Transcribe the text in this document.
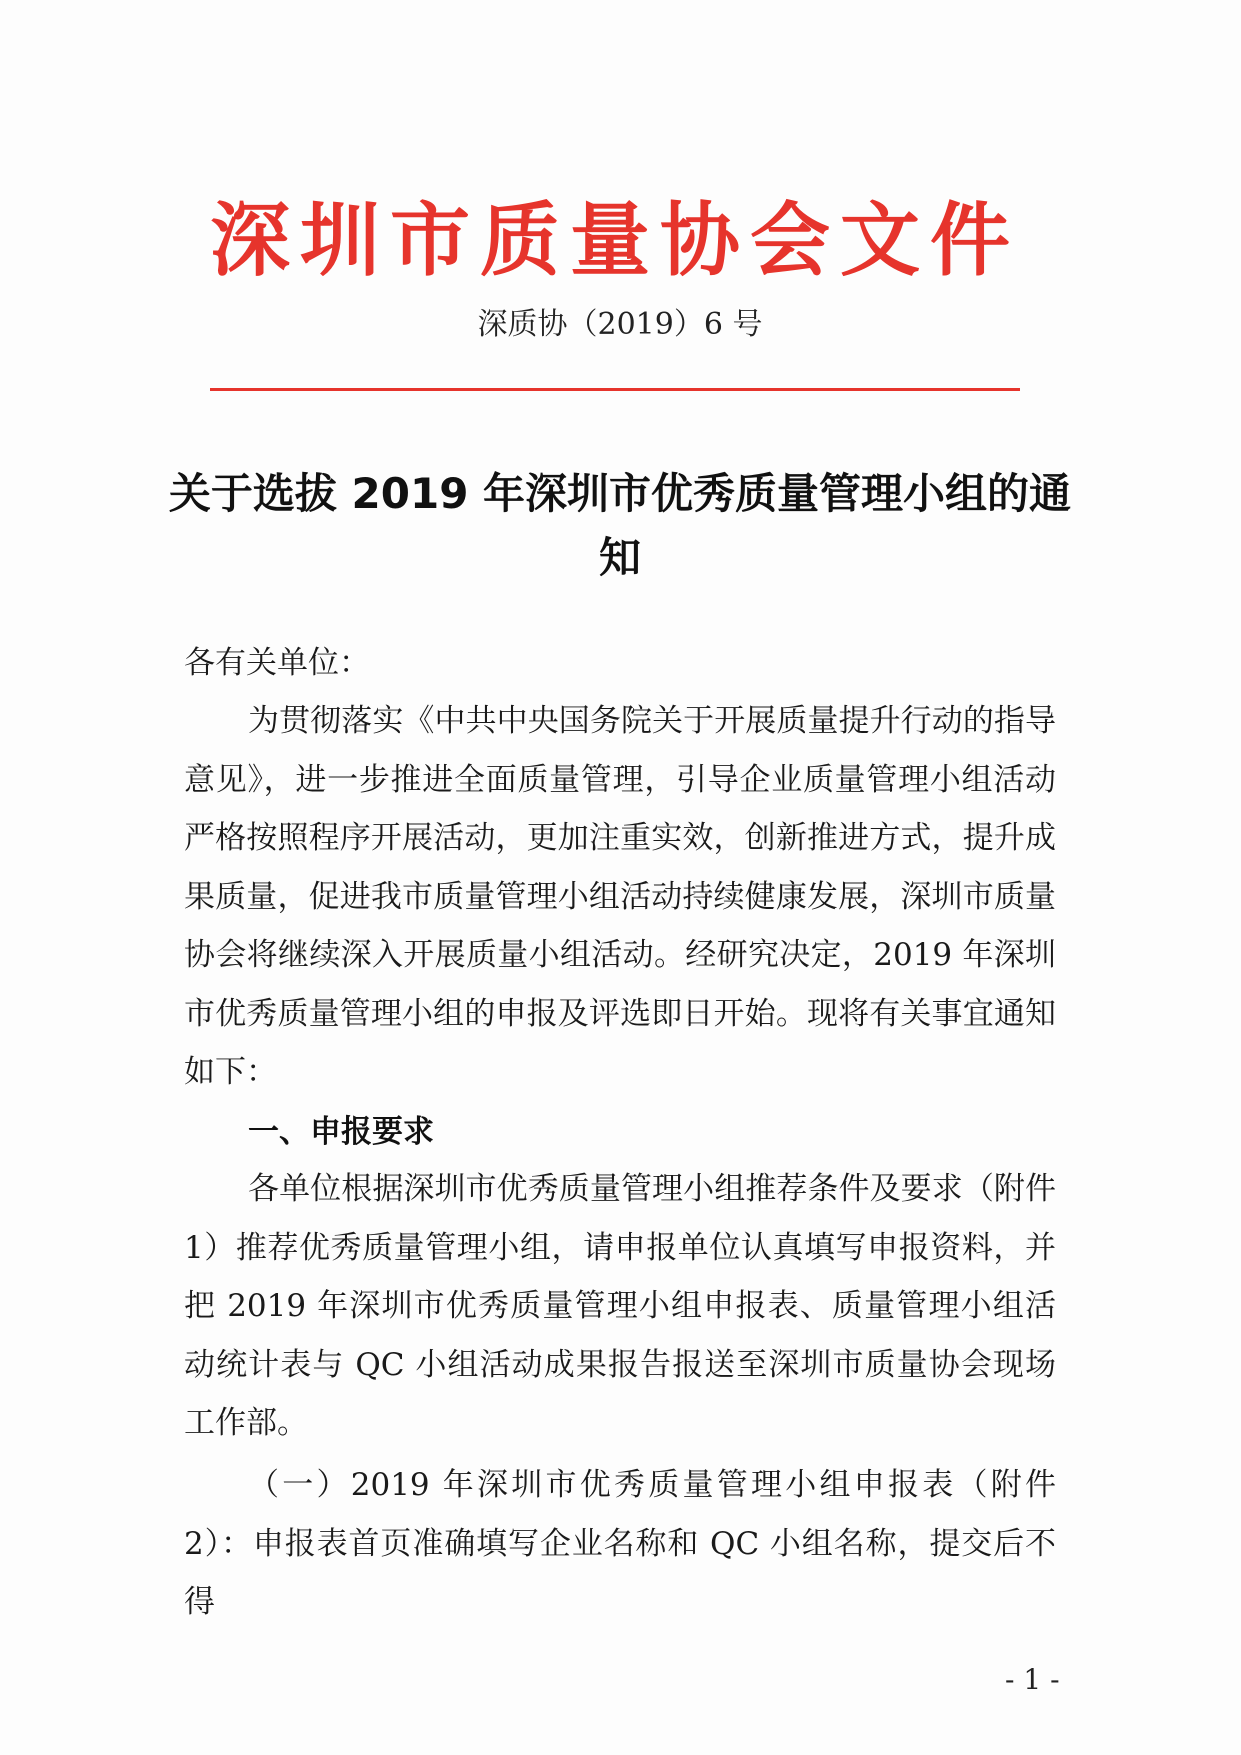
深圳市质量协会文件
深质协（2019）6 号
关于选拔 2019 年深圳市优秀质量管理小组的通知
各有关单位：
为贯彻落实《中共中央国务院关于开展质量提升行动的指导意见》，进一步推进全面质量管理，引导企业质量管理小组活动严格按照程序开展活动，更加注重实效，创新推进方式，提升成果质量，促进我市质量管理小组活动持续健康发展，深圳市质量协会将继续深入开展质量小组活动。经研究决定，2019 年深圳市优秀质量管理小组的申报及评选即日开始。现将有关事宜通知如下：
一、申报要求
各单位根据深圳市优秀质量管理小组推荐条件及要求（附件 1）推荐优秀质量管理小组，请申报单位认真填写申报资料，并把 2019 年深圳市优秀质量管理小组申报表、质量管理小组活动统计表与 QC 小组活动成果报告报送至深圳市质量协会现场工作部。
（一）2019 年深圳市优秀质量管理小组申报表（附件 2）：申报表首页准确填写企业名称和 QC 小组名称，提交后不得
- 1 -
